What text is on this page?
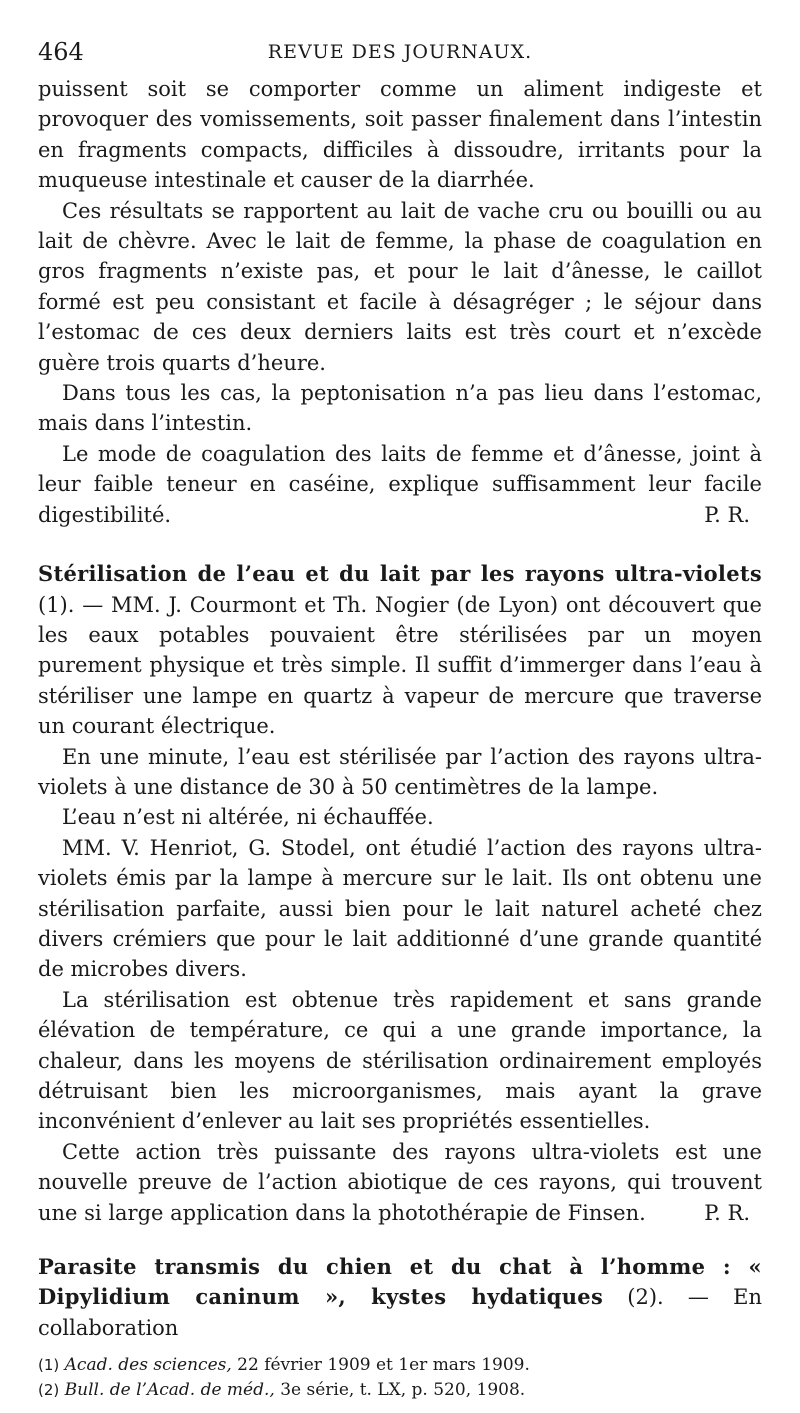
464	REVUE DES JOURNAUX.

puissent soit se comporter comme un aliment indigeste et provoquer des vomissements, soit passer finalement dans l’intestin en fragments compacts, difficiles à dissoudre, irritants pour la muqueuse intestinale et causer de la diarrhée.

Ces résultats se rapportent au lait de vache cru ou bouilli ou au lait de chèvre. Avec le lait de femme, la phase de coagulation en gros fragments n’existe pas, et pour le lait d’ânesse, le caillot formé est peu consistant et facile à désagréger ; le séjour dans l’estomac de ces deux derniers laits est très court et n’excède guère trois quarts d’heure.

Dans tous les cas, la peptonisation n’a pas lieu dans l’estomac, mais dans l’intestin.

Le mode de coagulation des laits de femme et d’ânesse, joint à leur faible teneur en caséine, explique suffisamment leur facile digestibilité.	P. R.

Stérilisation de l’eau et du lait par les rayons ultra-violets (1). — MM. J. Courmont et Th. Nogier (de Lyon) ont découvert que les eaux potables pouvaient être stérilisées par un moyen purement physique et très simple. Il suffit d’immerger dans l’eau à stériliser une lampe en quartz à vapeur de mercure que traverse un courant électrique.

En une minute, l’eau est stérilisée par l’action des rayons ultra-violets à une distance de 30 à 50 centimètres de la lampe.

L’eau n’est ni altérée, ni échauffée.

MM. V. Henriot, G. Stodel, ont étudié l’action des rayons ultra-violets émis par la lampe à mercure sur le lait. Ils ont obtenu une stérilisation parfaite, aussi bien pour le lait naturel acheté chez divers crémiers que pour le lait additionné d’une grande quantité de microbes divers.

La stérilisation est obtenue très rapidement et sans grande élévation de température, ce qui a une grande importance, la chaleur, dans les moyens de stérilisation ordinairement employés détruisant bien les microorganismes, mais ayant la grave inconvénient d’enlever au lait ses propriétés essentielles.

Cette action très puissante des rayons ultra-violets est une nouvelle preuve de l’action abiotique de ces rayons, qui trouvent une si large application dans la photothérapie de Finsen.	P. R.

Parasite transmis du chien et du chat à l’homme : « Dipylidium caninum », kystes hydatiques (2). — En collaboration

(1) Acad. des sciences, 22 février 1909 et 1er mars 1909.

(2) Bull. de l’Acad. de méd., 3e série, t. LX, p. 520, 1908.
